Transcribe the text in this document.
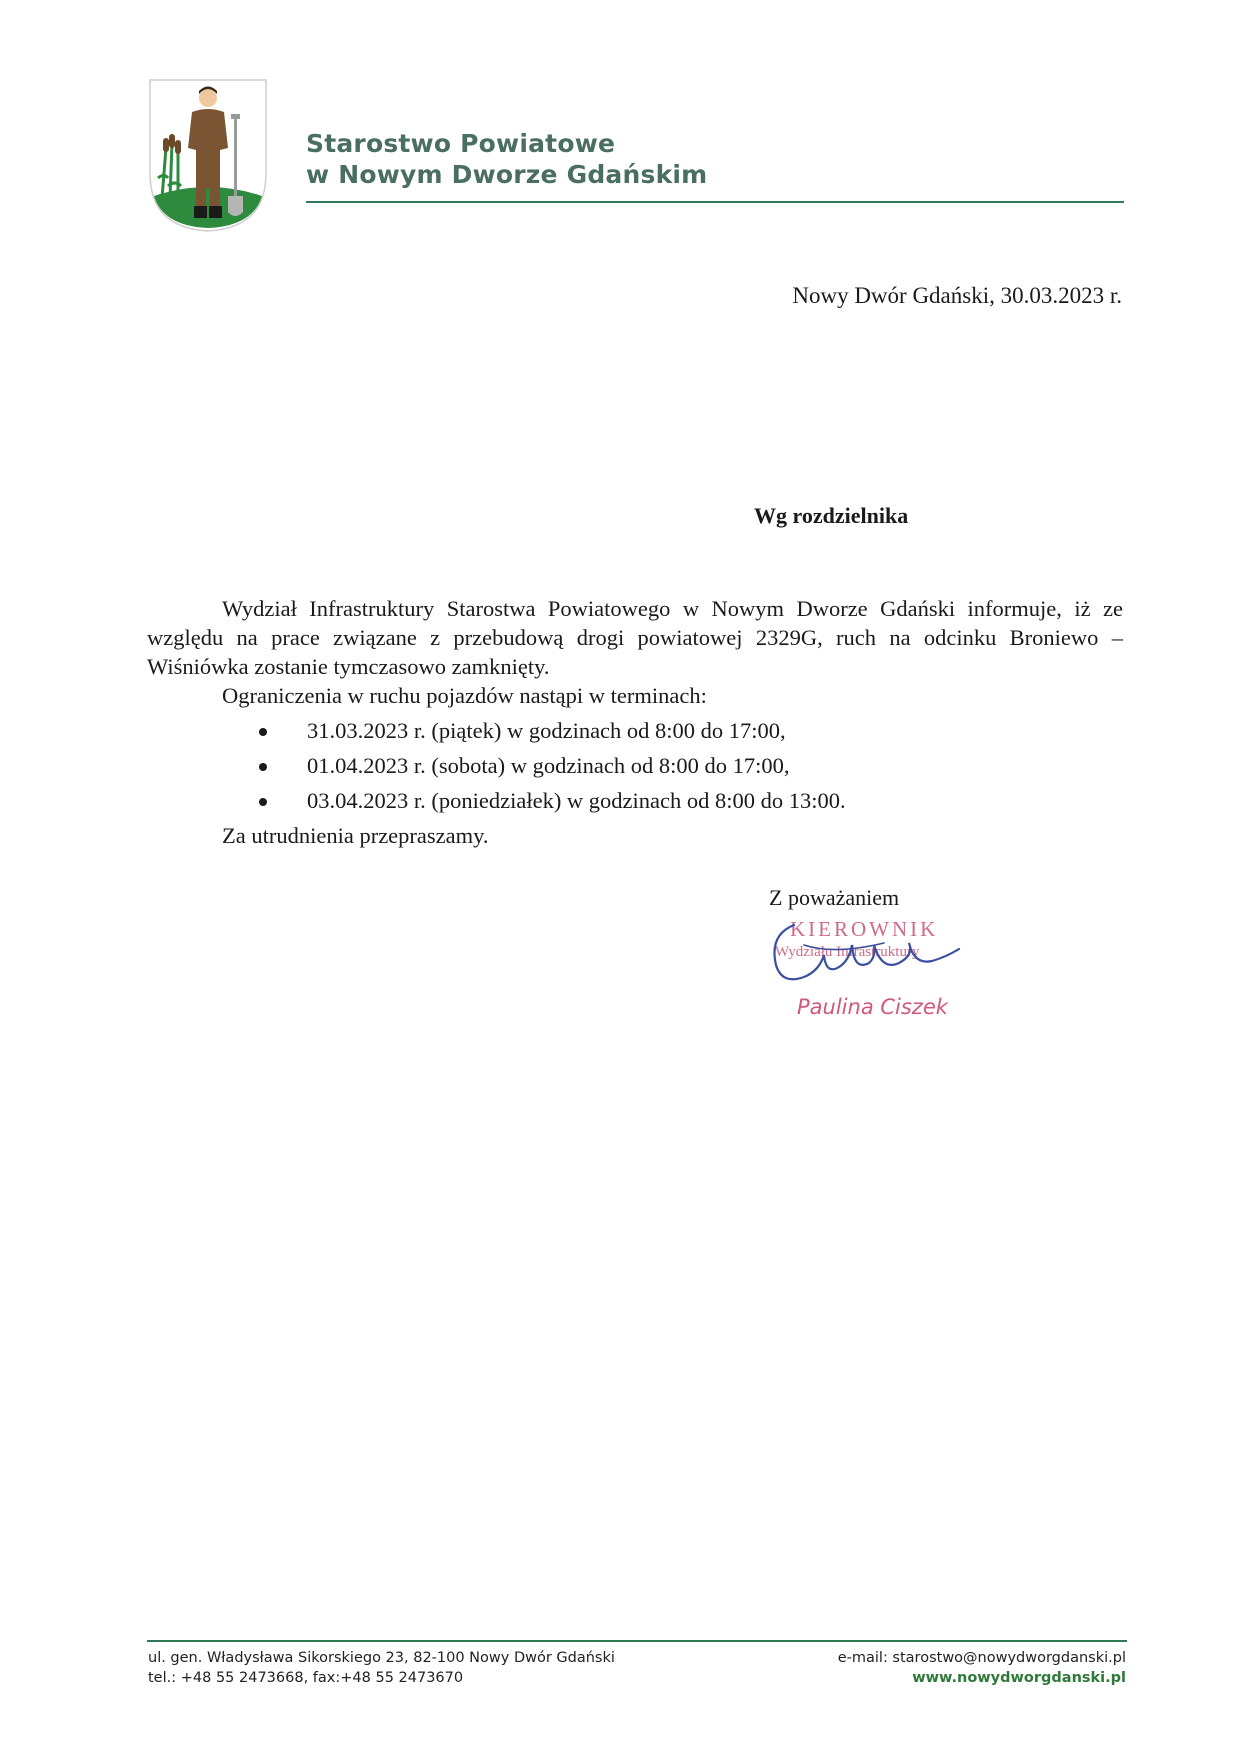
Starostwo Powiatowe
w Nowym Dworze Gdańskim
Nowy Dwór Gdański, 30.03.2023 r.
Wg rozdzielnika

Wydział Infrastruktury Starostwa Powiatowego w Nowym Dworze Gdański informuje, iż ze względu na prace związane z przebudową drogi powiatowej 2329G, ruch na odcinku Broniewo – Wiśniówka zostanie tymczasowo zamknięty.

Ograniczenia w ruchu pojazdów nastąpi w terminach:

31.03.2023 r. (piątek) w godzinach od 8:00 do 17:00,
01.04.2023 r. (sobota) w godzinach od 8:00 do 17:00,
03.04.2023 r. (poniedziałek) w godzinach od 8:00 do 13:00.

Za utrudnienia przepraszamy.

Z poważaniem
KIEROWNIK
Wydziału Infrastruktury
Paulina Ciszek
ul. gen. Władysława Sikorskiego 23, 82-100 Nowy Dwór Gdański
tel.: +48 55 2473668, fax:+48 55 2473670
e-mail: starostwo@nowydworgdanski.pl
www.nowydworgdanski.pl
